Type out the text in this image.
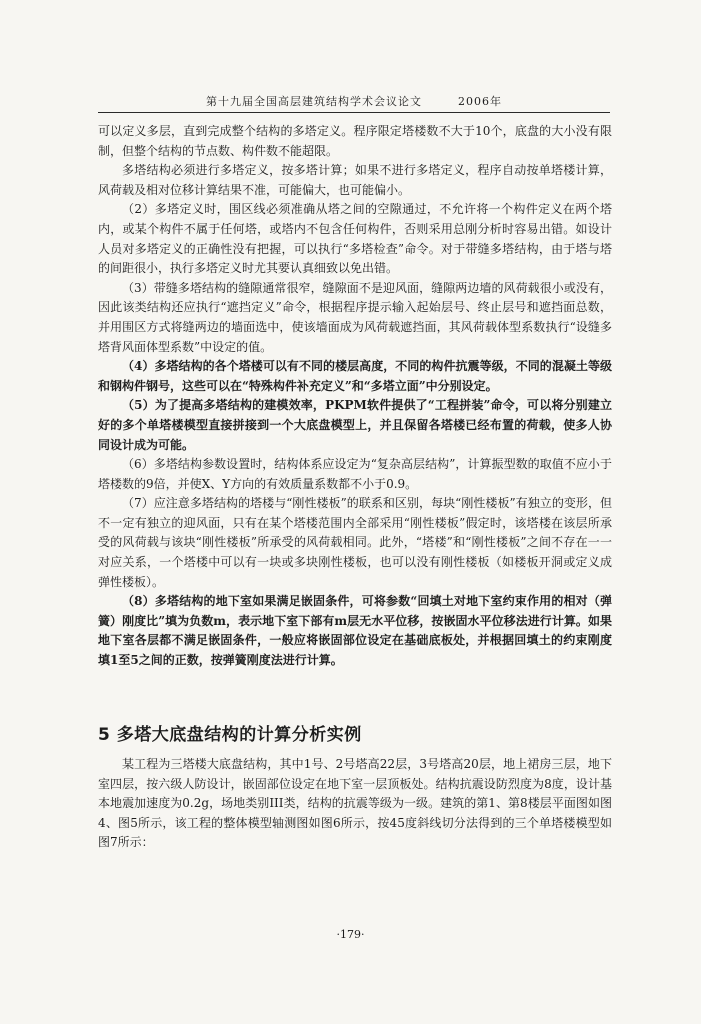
第十九届全国高层建筑结构学术会议论文　　　2006年

可以定义多层，直到完成整个结构的多塔定义。程序限定塔楼数不大于10个，底盘的大小没有限制，但整个结构的节点数、构件数不能超限。

多塔结构必须进行多塔定义，按多塔计算；如果不进行多塔定义，程序自动按单塔楼计算，风荷载及相对位移计算结果不准，可能偏大，也可能偏小。

（2）多塔定义时，围区线必须准确从塔之间的空隙通过，不允许将一个构件定义在两个塔内，或某个构件不属于任何塔，或塔内不包含任何构件，否则采用总刚分析时容易出错。如设计人员对多塔定义的正确性没有把握，可以执行“多塔检查”命令。对于带缝多塔结构，由于塔与塔的间距很小，执行多塔定义时尤其要认真细致以免出错。

（3）带缝多塔结构的缝隙通常很窄，缝隙面不是迎风面，缝隙两边墙的风荷载很小或没有，因此该类结构还应执行“遮挡定义”命令，根据程序提示输入起始层号、终止层号和遮挡面总数，并用围区方式将缝两边的墙面选中，使该墙面成为风荷载遮挡面，其风荷载体型系数执行“设缝多塔背风面体型系数”中设定的值。

（4）多塔结构的各个塔楼可以有不同的楼层高度，不同的构件抗震等级，不同的混凝土等级和钢构件钢号，这些可以在“特殊构件补充定义”和“多塔立面”中分别设定。

（5）为了提高多塔结构的建模效率，PKPM软件提供了“工程拼装”命令，可以将分别建立好的多个单塔楼模型直接拼接到一个大底盘模型上，并且保留各塔楼已经布置的荷载，使多人协同设计成为可能。

（6）多塔结构参数设置时，结构体系应设定为“复杂高层结构”，计算振型数的取值不应小于塔楼数的9倍，并使X、Y方向的有效质量系数都不小于0.9。

（7）应注意多塔结构的塔楼与“刚性楼板”的联系和区别，每块“刚性楼板”有独立的变形，但不一定有独立的迎风面，只有在某个塔楼范围内全部采用“刚性楼板”假定时，该塔楼在该层所承受的风荷载与该块“刚性楼板”所承受的风荷载相同。此外，“塔楼”和“刚性楼板”之间不存在一一对应关系，一个塔楼中可以有一块或多块刚性楼板，也可以没有刚性楼板（如楼板开洞或定义成弹性楼板）。

（8）多塔结构的地下室如果满足嵌固条件，可将参数“回填土对地下室约束作用的相对（弹簧）刚度比”填为负数m，表示地下室下部有m层无水平位移，按嵌固水平位移法进行计算。如果地下室各层都不满足嵌固条件，一般应将嵌固部位设定在基础底板处，并根据回填土的约束刚度填1至5之间的正数，按弹簧刚度法进行计算。

5 多塔大底盘结构的计算分析实例

某工程为三塔楼大底盘结构，其中1号、2号塔高22层，3号塔高20层，地上裙房三层，地下室四层，按六级人防设计，嵌固部位设定在地下室一层顶板处。结构抗震设防烈度为8度，设计基本地震加速度为0.2g，场地类别III类，结构的抗震等级为一级。建筑的第1、第8楼层平面图如图4、图5所示，该工程的整体模型轴测图如图6所示，按45度斜线切分法得到的三个单塔楼模型如图7所示：

·179·
